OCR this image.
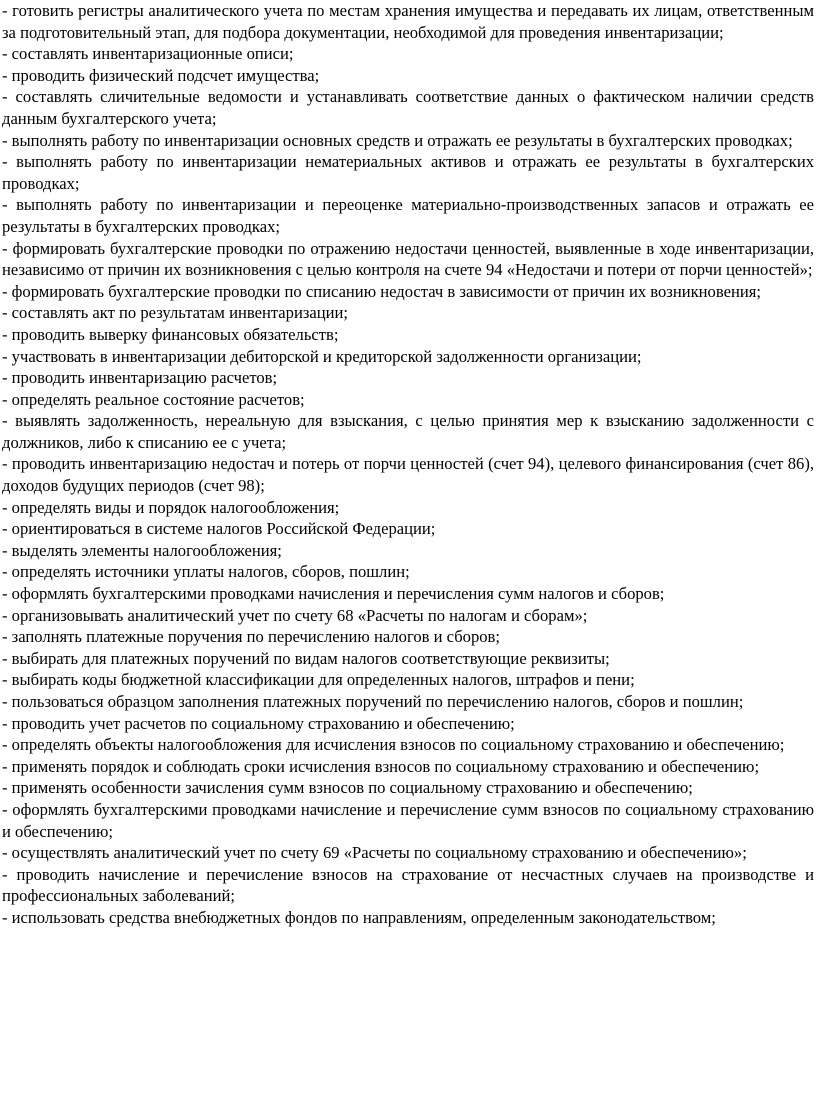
- готовить регистры аналитического учета по местам хранения имущества и передавать их лицам, ответственным за подготовительный этап, для подбора документации, необходимой для проведения инвентаризации;

- составлять инвентаризационные описи;

- проводить физический подсчет имущества;

- составлять сличительные ведомости и устанавливать соответствие данных о фактическом наличии средств данным бухгалтерского учета;

- выполнять работу по инвентаризации основных средств и отражать ее результаты в бухгалтерских проводках;

- выполнять работу по инвентаризации нематериальных активов и отражать ее результаты в бухгалтерских проводках;

- выполнять работу по инвентаризации и переоценке материально-производственных запасов и отражать ее результаты в бухгалтерских проводках;

- формировать бухгалтерские проводки по отражению недостачи ценностей, выявленные в ходе инвентаризации, независимо от причин их возникновения с целью контроля на счете 94 «Недостачи и потери от порчи ценностей»;

- формировать бухгалтерские проводки по списанию недостач в зависимости от причин их возникновения;

- составлять акт по результатам инвентаризации;

- проводить выверку финансовых обязательств;

- участвовать в инвентаризации дебиторской и кредиторской задолженности организации;

- проводить инвентаризацию расчетов;

- определять реальное состояние расчетов;

- выявлять задолженность, нереальную для взыскания, с целью принятия мер к взысканию задолженности с должников, либо к списанию ее с учета;

- проводить инвентаризацию недостач и потерь от порчи ценностей (счет 94), целевого финансирования (счет 86), доходов будущих периодов (счет 98);

- определять виды и порядок налогообложения;

- ориентироваться в системе налогов Российской Федерации;

- выделять элементы налогообложения;

- определять источники уплаты налогов, сборов, пошлин;

- оформлять бухгалтерскими проводками начисления и перечисления сумм налогов и сборов;

- организовывать аналитический учет по счету 68 «Расчеты по налогам и сборам»;

- заполнять платежные поручения по перечислению налогов и сборов;

- выбирать для платежных поручений по видам налогов соответствующие реквизиты;

- выбирать коды бюджетной классификации для определенных налогов, штрафов и пени;

- пользоваться образцом заполнения платежных поручений по перечислению налогов, сборов и пошлин;

- проводить учет расчетов по социальному страхованию и обеспечению;

- определять объекты налогообложения для исчисления взносов по социальному страхованию и обеспечению;

- применять порядок и соблюдать сроки исчисления взносов по социальному страхованию и обеспечению;

- применять особенности зачисления сумм взносов по социальному страхованию и обеспечению;

- оформлять бухгалтерскими проводками начисление и перечисление сумм взносов по социальному страхованию и обеспечению;

- осуществлять аналитический учет по счету 69 «Расчеты по социальному страхованию и обеспечению»;

- проводить начисление и перечисление взносов на страхование от несчастных случаев на производстве и профессиональных заболеваний;

- использовать средства внебюджетных фондов по направлениям, определенным законодательством;
